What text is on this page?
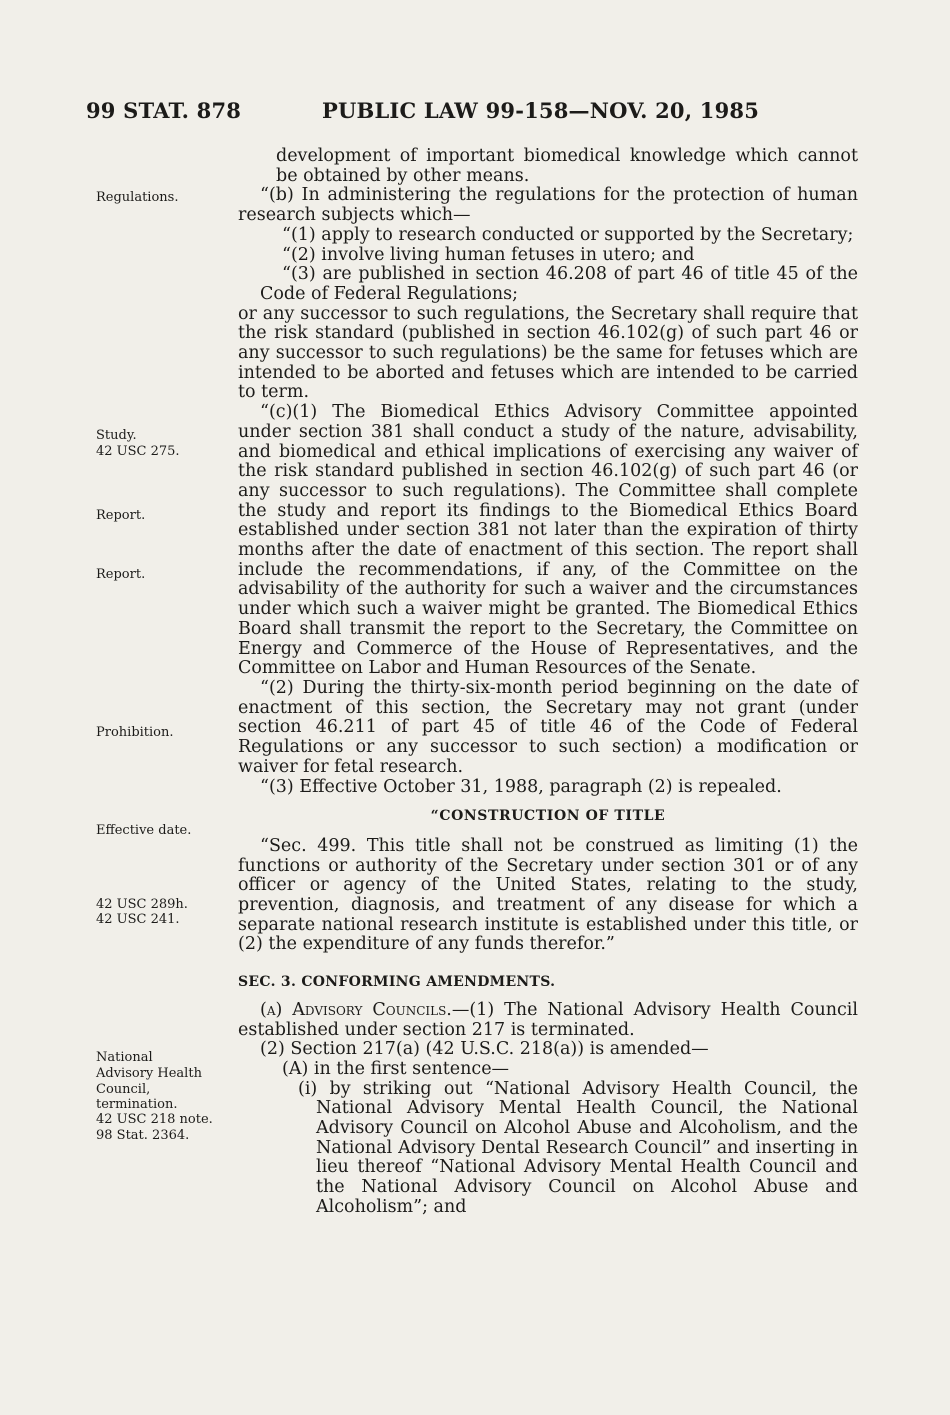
99 STAT. 878	PUBLIC LAW 99-158—NOV. 20, 1985
Regulations.
Study.
42 USC 275.
Report.
Report.
Prohibition.
Effective date.
42 USC 289h.
42 USC 241.
National
Advisory Health
Council,
termination.
42 USC 218 note.
98 Stat. 2364.

development of important biomedical knowledge which cannot be obtained by other means.

“(b) In administering the regulations for the protection of human research subjects which—

“(1) apply to research conducted or supported by the Secretary;

“(2) involve living human fetuses in utero; and

“(3) are published in section 46.208 of part 46 of title 45 of the Code of Federal Regulations;

or any successor to such regulations, the Secretary shall require that the risk standard (published in section 46.102(g) of such part 46 or any successor to such regulations) be the same for fetuses which are intended to be aborted and fetuses which are intended to be carried to term.

“(c)(1) The Biomedical Ethics Advisory Committee appointed under section 381 shall conduct a study of the nature, advisability, and biomedical and ethical implications of exercising any waiver of the risk standard published in section 46.102(g) of such part 46 (or any successor to such regulations). The Committee shall complete the study and report its findings to the Biomedical Ethics Board established under section 381 not later than the expiration of thirty months after the date of enactment of this section. The report shall include the recommendations, if any, of the Committee on the advisability of the authority for such a waiver and the circumstances under which such a waiver might be granted. The Biomedical Ethics Board shall transmit the report to the Secretary, the Committee on Energy and Commerce of the House of Representatives, and the Committee on Labor and Human Resources of the Senate.

“(2) During the thirty-six-month period beginning on the date of enactment of this section, the Secretary may not grant (under section 46.211 of part 45 of title 46 of the Code of Federal Regulations or any successor to such section) a modification or waiver for fetal research.

“(3) Effective October 31, 1988, paragraph (2) is repealed.

“CONSTRUCTION OF TITLE

“Sec. 499. This title shall not be construed as limiting (1) the functions or authority of the Secretary under section 301 or of any officer or agency of the United States, relating to the study, prevention, diagnosis, and treatment of any disease for which a separate national research institute is established under this title, or (2) the expenditure of any funds therefor.”

SEC. 3. CONFORMING AMENDMENTS.

(a) Advisory Councils.—(1) The National Advisory Health Council established under section 217 is terminated.

(2) Section 217(a) (42 U.S.C. 218(a)) is amended—

(A) in the first sentence—

(i) by striking out “National Advisory Health Council, the National Advisory Mental Health Council, the National Advisory Council on Alcohol Abuse and Alcoholism, and the National Advisory Dental Research Council” and inserting in lieu thereof “National Advisory Mental Health Council and the National Advisory Council on Alcohol Abuse and Alcoholism”; and
